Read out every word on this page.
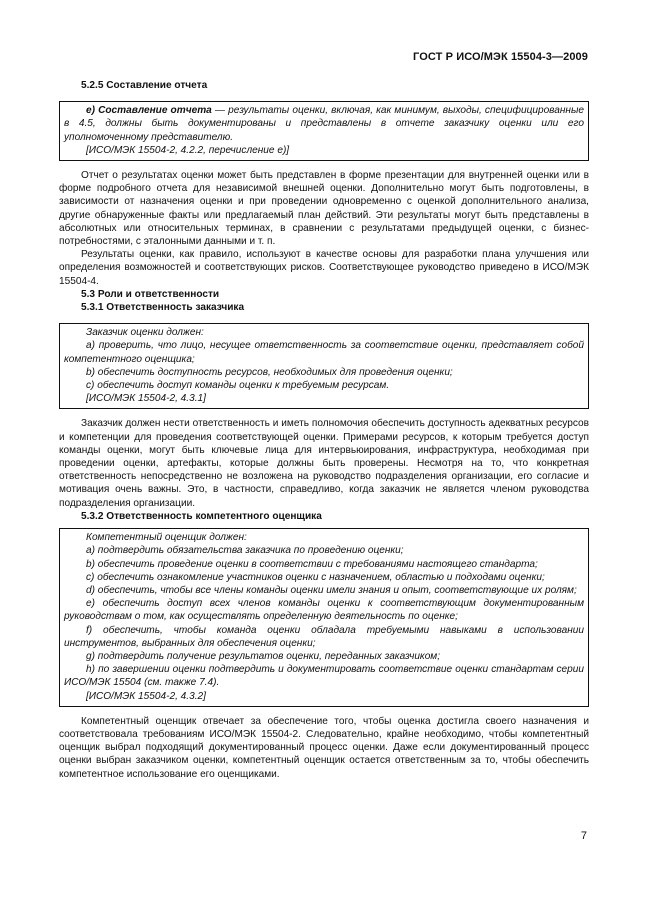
ГОСТ Р ИСО/МЭК 15504-3—2009
5.2.5 Составление отчета
е) Составление отчета — результаты оценки, включая, как минимум, выходы, специфицированные в 4.5, должны быть документированы и представлены в отчете заказчику оценки или его уполномоченному представителю.
[ИСО/МЭК 15504-2, 4.2.2, перечисление е)]
Отчет о результатах оценки может быть представлен в форме презентации для внутренней оценки или в форме подробного отчета для независимой внешней оценки. Дополнительно могут быть подготовлены, в зависимости от назначения оценки и при проведении одновременно с оценкой дополнительного анализа, другие обнаруженные факты или предлагаемый план действий. Эти результаты могут быть представлены в абсолютных или относительных терминах, в сравнении с результатами предыдущей оценки, с бизнес-потребностями, с эталонными данными и т. п.
Результаты оценки, как правило, используют в качестве основы для разработки плана улучшения или определения возможностей и соответствующих рисков. Соответствующее руководство приведено в ИСО/МЭК 15504-4.
5.3 Роли и ответственности
5.3.1 Ответственность заказчика
Заказчик оценки должен:
а) проверить, что лицо, несущее ответственность за соответствие оценки, представляет собой компетентного оценщика;
b) обеспечить доступность ресурсов, необходимых для проведения оценки;
с) обеспечить доступ команды оценки к требуемым ресурсам.
[ИСО/МЭК 15504-2, 4.3.1]
Заказчик должен нести ответственность и иметь полномочия обеспечить доступность адекватных ресурсов и компетенции для проведения соответствующей оценки. Примерами ресурсов, к которым требуется доступ команды оценки, могут быть ключевые лица для интервьюирования, инфраструктура, необходимая при проведении оценки, артефакты, которые должны быть проверены. Несмотря на то, что конкретная ответственность непосредственно не возложена на руководство подразделения организации, его согласие и мотивация очень важны. Это, в частности, справедливо, когда заказчик не является членом руководства подразделения организации.
5.3.2 Ответственность компетентного оценщика
Компетентный оценщик должен:
а) подтвердить обязательства заказчика по проведению оценки;
b) обеспечить проведение оценки в соответствии с требованиями настоящего стандарта;
с) обеспечить ознакомление участников оценки с назначением, областью и подходами оценки;
d) обеспечить, чтобы все члены команды оценки имели знания и опыт, соответствующие их ролям;
е) обеспечить доступ всех членов команды оценки к соответствующим документированным руководствам о том, как осуществлять определенную деятельность по оценке;
f) обеспечить, чтобы команда оценки обладала требуемыми навыками в использовании инструментов, выбранных для обеспечения оценки;
g) подтвердить получение результатов оценки, переданных заказчиком;
h) по завершении оценки подтвердить и документировать соответствие оценки стандартам серии ИСО/МЭК 15504 (см. также 7.4).
[ИСО/МЭК 15504-2, 4.3.2]
Компетентный оценщик отвечает за обеспечение того, чтобы оценка достигла своего назначения и соответствовала требованиям ИСО/МЭК 15504-2. Следовательно, крайне необходимо, чтобы компетентный оценщик выбрал подходящий документированный процесс оценки. Даже если документированный процесс оценки выбран заказчиком оценки, компетентный оценщик остается ответственным за то, чтобы обеспечить компетентное использование его оценщиками.
7
